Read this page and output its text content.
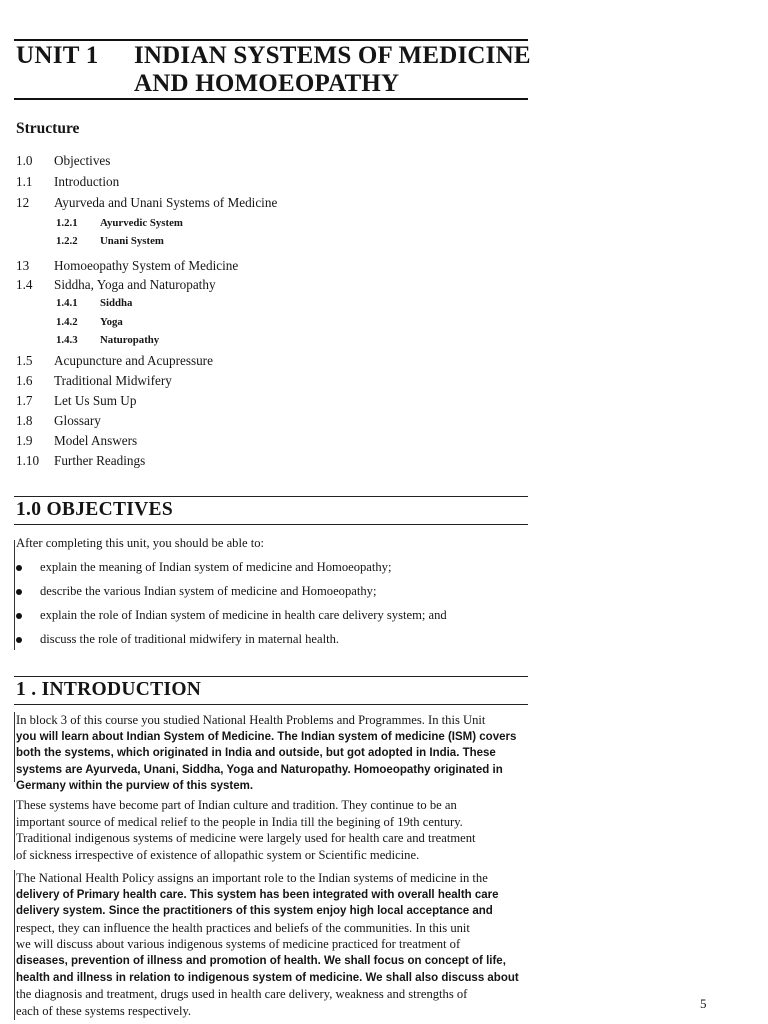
UNIT 1 INDIAN SYSTEMS OF MEDICINE
AND HOMOEOPATHY
Structure
1.0 Objectives
1.1 Introduction
12 Ayurveda and Unani Systems of Medicine
1.2.1 Ayurvedic System
1.2.2 Unani System
13 Homoeopathy System of Medicine
1.4 Siddha, Yoga and Naturopathy
1.4.1 Siddha
1.4.2 Yoga
1.4.3 Naturopathy
1.5 Acupuncture and Acupressure
1.6 Traditional Midwifery
1.7 Let Us Sum Up
1.8 Glossary
1.9 Model Answers
1.10 Further Readings
1.0 OBJECTIVES
After completing this unit, you should be able to:
explain the meaning of Indian system of medicine and Homoeopathy;
describe the various Indian system of medicine and Homoeopathy;
explain the role of Indian system of medicine in health care delivery system; and
discuss the role of traditional midwifery in maternal health.
1 . INTRODUCTION
In block 3 of this course you studied National Health Problems and Programmes. In this Unit
you will learn about Indian System of Medicine. The Indian system of medicine (ISM) covers
both the systems, which originated in India and outside, but got adopted in India. These
systems are Ayurveda, Unani, Siddha, Yoga and Naturopathy. Homoeopathy originated in
Germany within the purview of this system.
These systems have become part of Indian culture and tradition. They continue to be an
important source of medical relief to the people in India till the begining of 19th century.
Traditional indigenous systems of medicine were largely used for health care and treatment
of sickness irrespective of existence of allopathic system or Scientific medicine.
The National Health Policy assigns an important role to the Indian systems of medicine in the
delivery of Primary health care. This system has been integrated with overall health care
delivery system. Since the practitioners of this system enjoy high local acceptance and
respect, they can influence the health practices and beliefs of the communities. In this unit
we will discuss about various indigenous systems of medicine practiced for treatment of
diseases, prevention of illness and promotion of health. We shall focus on concept of life,
health and illness in relation to indigenous system of medicine. We shall also discuss about
the diagnosis and treatment, drugs used in health care delivery, weakness and strengths of
each of these systems respectively.	5
